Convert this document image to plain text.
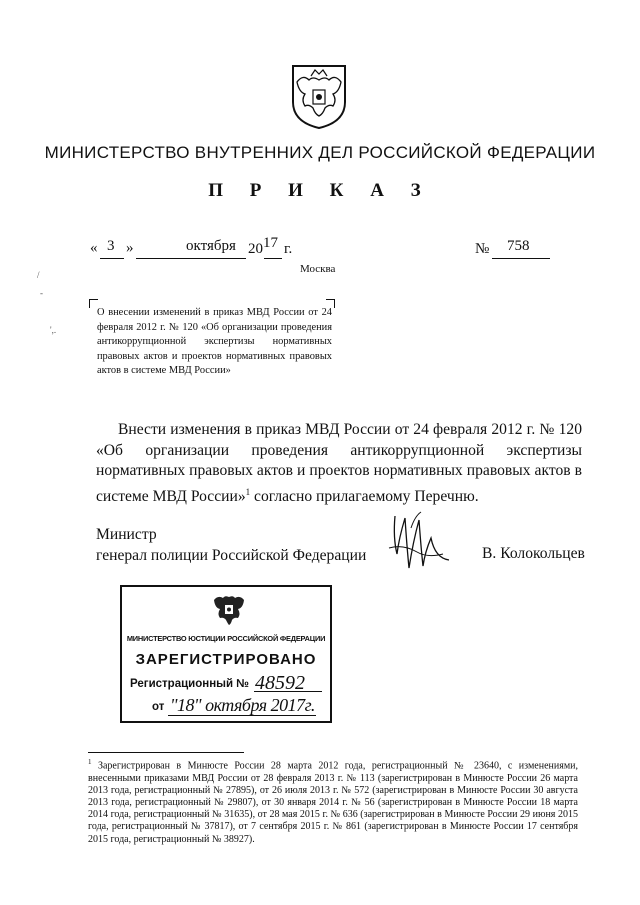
МИНИСТЕРСТВО ВНУТРЕННИХ ДЕЛ РОССИЙСКОЙ ФЕДЕРАЦИИ
П Р И К А З
« 3 »	октября 20 17 г.	№ 758
Москва
О внесении изменений в приказ МВД России от 24 февраля 2012 г. № 120 «Об организации проведения антикоррупционной экспертизы нормативных правовых актов и проектов нормативных правовых актов в системе МВД России»

Внести изменения в приказ МВД России от 24 февраля 2012 г. № 120 «Об организации проведения антикоррупционной экспертизы нормативных правовых актов и проектов нормативных правовых актов в системе МВД России»$^1$ согласно прилагаемому Перечню.

Министр
генерал полиции Российской Федерации	В. Колокольцев
МИНИСТЕРСТВО ЮСТИЦИИ РОССИЙСКОЙ ФЕДЕРАЦИИ
ЗАРЕГИСТРИРОВАНО
Регистрационный № 48592
от "18" октября 2017г.
$^1$ Зарегистрирован в Минюсте России 28 марта 2012 года, регистрационный № 23640, с изменениями, внесенными приказами МВД России от 28 февраля 2013 г. № 113 (зарегистрирован в Минюсте России 26 марта 2013 года, регистрационный № 27895), от 26 июля 2013 г. № 572 (зарегистрирован в Минюсте России 30 августа 2013 года, регистрационный № 29807), от 30 января 2014 г. № 56 (зарегистрирован в Минюсте России 18 марта 2014 года, регистрационный № 31635), от 28 мая 2015 г. № 636 (зарегистрирован в Минюсте России 29 июня 2015 года, регистрационный № 37817), от 7 сентября 2015 г. № 861 (зарегистрирован в Минюсте России 17 сентября 2015 года, регистрационный № 38927).
/
-
',.
